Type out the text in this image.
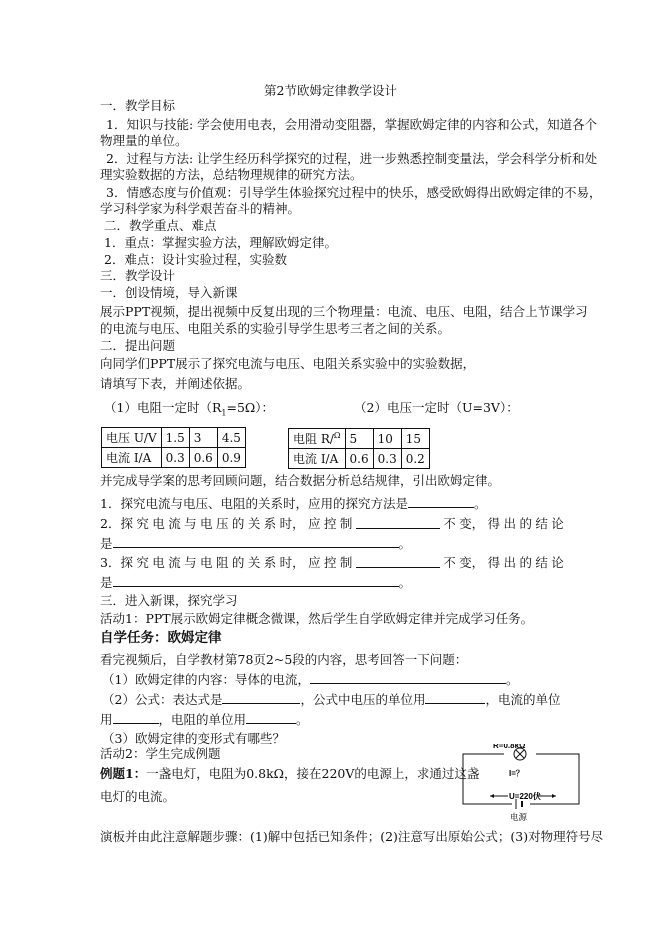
第2节欧姆定律教学设计
一．教学目标
1．知识与技能: 学会使用电表，会用滑动变阻器，掌握欧姆定律的内容和公式，知道各个
物理量的单位。
2．过程与方法: 让学生经历科学探究的过程，进一步熟悉控制变量法，学会科学分析和处
理实验数据的方法，总结物理规律的研究方法。
3．情感态度与价值观：引导学生体验探究过程中的快乐，感受欧姆得出欧姆定律的不易，
学习科学家为科学艰苦奋斗的精神。
二．教学重点、难点
1．重点：掌握实验方法，理解欧姆定律。
2．难点：设计实验过程，实验数
三．教学设计
一．创设情境，导入新课
展示PPT视频，提出视频中反复出现的三个物理量：电流、电压、电阻，结合上节课学习
的电流与电压、电阻关系的实验引导学生思考三者之间的关系。
二．提出问题
向同学们PPT展示了探究电流与电压、电阻关系实验中的实验数据，
请填写下表，并阐述依据。
（1）电阻一定时$(R_1=5\Omega)$：	（2）电压一定时（U=3V）：
电压 U/V	1.5	3	4.5
电流 I/A	0.3	0.6	0.9
电阻 R/$^\Omega$	5	10	15
电流 I/A	0.6	0.3	0.2
并完成导学案的思考回顾问题，结合数据分析总结规律，引出欧姆定律。
1．探究电流与电压、电阻的关系时，应用的探究方法是	。
2．探 究 电 流 与 电 压 的 关 系 时， 应 控 制	不 变， 得 出 的 结 论
是	。
3．探 究 电 流 与 电 阻 的 关 系 时， 应 控 制	不 变， 得 出 的 结 论
是	。
三．进入新课，探究学习
活动1：PPT展示欧姆定律概念微课，然后学生自学欧姆定律并完成学习任务。
自学任务：欧姆定律
看完视频后，自学教材第78页2~5段的内容，思考回答一下问题：
（1）欧姆定律的内容：导体的电流，	。
（2）公式：表达式是	，公式中电压的单位用	，电流的单位
用	，电阻的单位用	。
（3）欧姆定律的变形式有哪些？
活动2：学生完成例题
例题1：一盏电灯，电阻为0.8kΩ，接在220V的电源上，求通过这盏
电灯的电流。
R=0.8kΩ
I=？
U=220伏
电源
演板并由此注意解题步骤：(1)解中包括已知条件；(2)注意写出原始公式；(3)对物理符号尽
